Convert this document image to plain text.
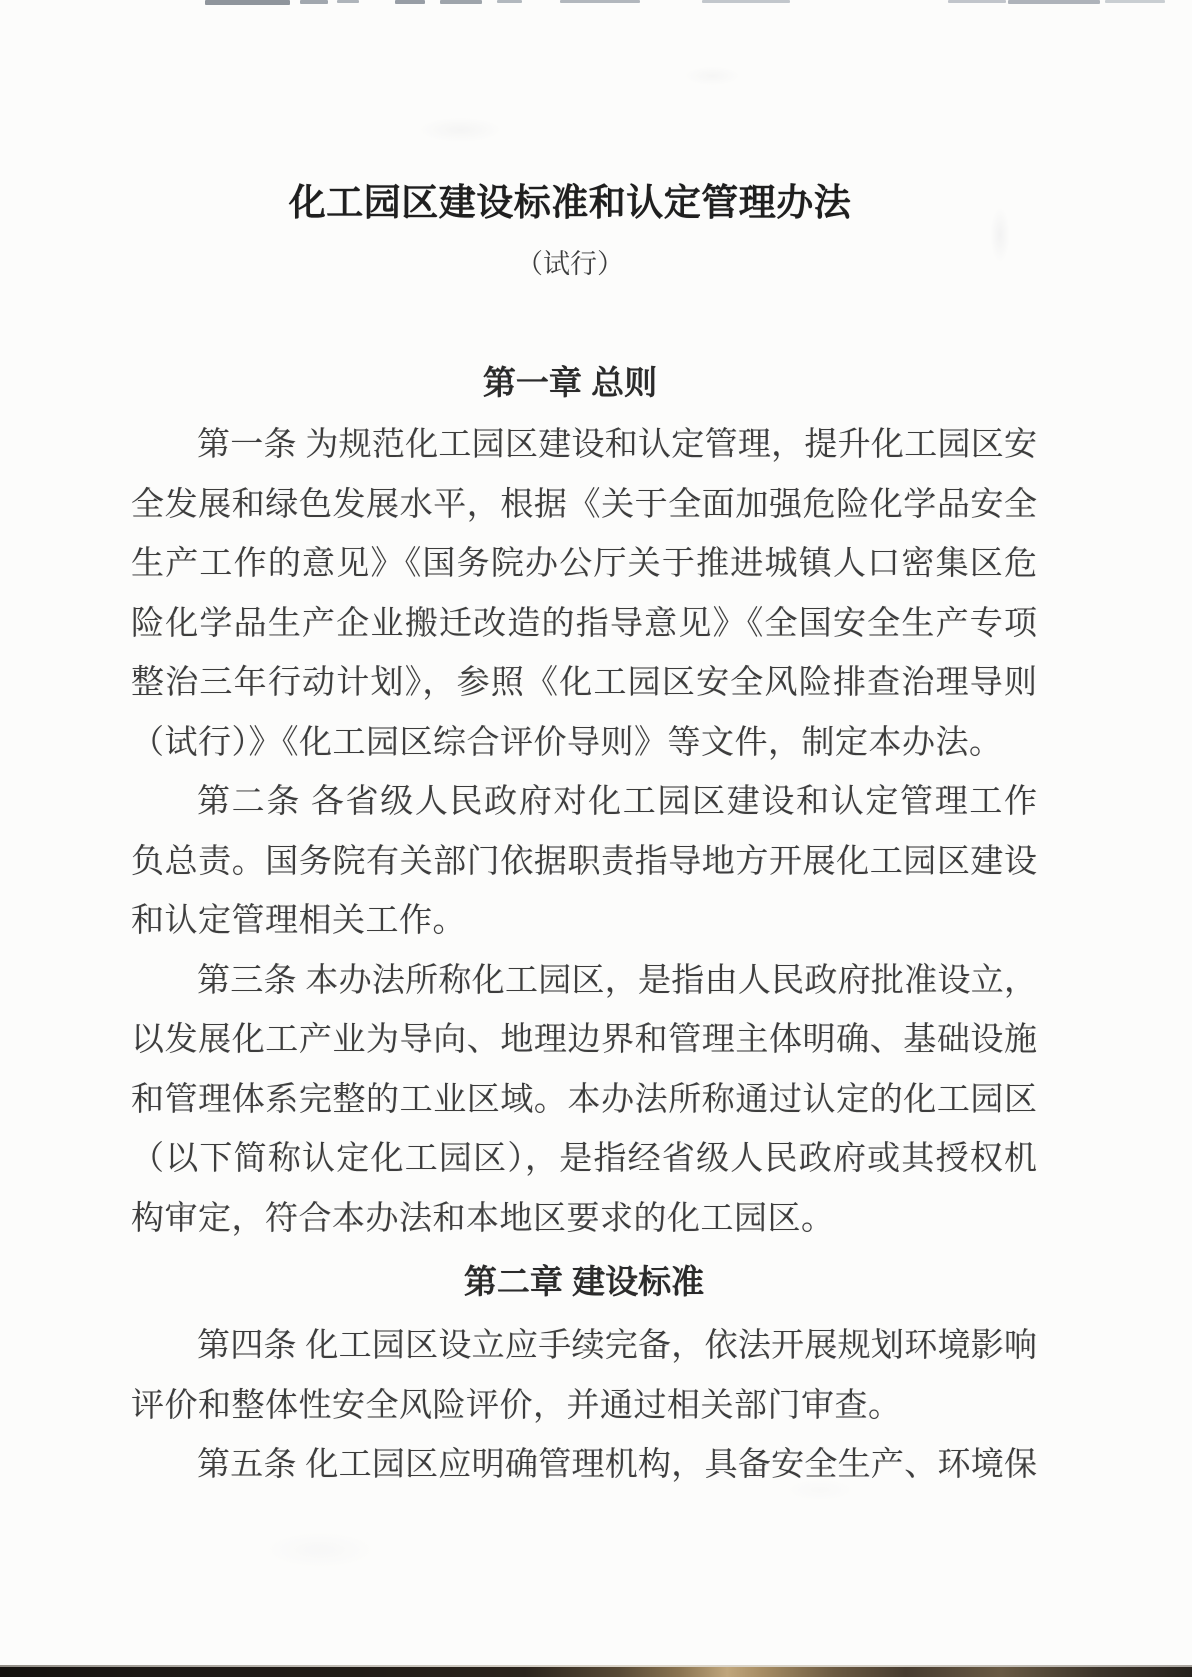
化工园区建设标准和认定管理办法
（试行）
第一章 总则
第一条 为规范化工园区建设和认定管理，提升化工园区安
全发展和绿色发展水平，根据《关于全面加强危险化学品安全
生产工作的意见》《国务院办公厅关于推进城镇人口密集区危
险化学品生产企业搬迁改造的指导意见》《全国安全生产专项
整治三年行动计划》，参照《化工园区安全风险排查治理导则
（试行）》《化工园区综合评价导则》等文件，制定本办法。
第二条 各省级人民政府对化工园区建设和认定管理工作
负总责。国务院有关部门依据职责指导地方开展化工园区建设
和认定管理相关工作。
第三条 本办法所称化工园区，是指由人民政府批准设立，
以发展化工产业为导向、地理边界和管理主体明确、基础设施
和管理体系完整的工业区域。本办法所称通过认定的化工园区
（以下简称认定化工园区），是指经省级人民政府或其授权机
构审定，符合本办法和本地区要求的化工园区。
第二章 建设标准
第四条 化工园区设立应手续完备，依法开展规划环境影响
评价和整体性安全风险评价，并通过相关部门审查。
第五条 化工园区应明确管理机构，具备安全生产、环境保
